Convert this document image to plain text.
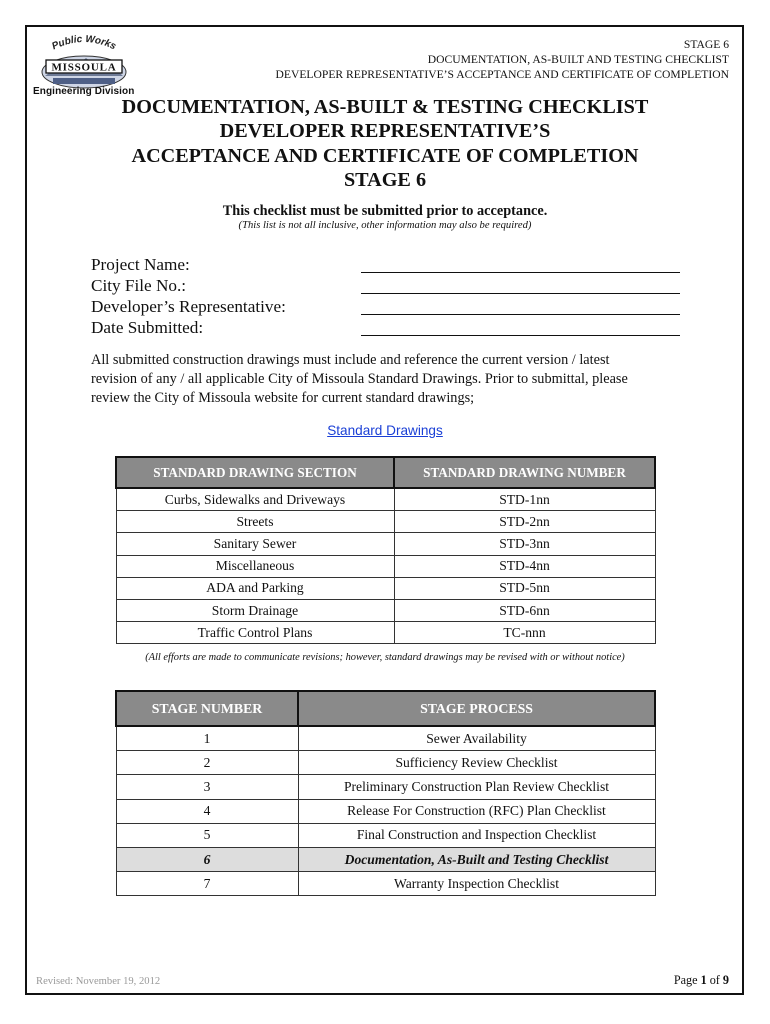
Public Works
MISSOULA
Engineering Division
STAGE 6
DOCUMENTATION, AS-BUILT AND TESTING CHECKLIST
DEVELOPER REPRESENTATIVE’S ACCEPTANCE AND CERTIFICATE OF COMPLETION
DOCUMENTATION, AS-BUILT & TESTING CHECKLIST
DEVELOPER REPRESENTATIVE’S
ACCEPTANCE AND CERTIFICATE OF COMPLETION
STAGE 6
This checklist must be submitted prior to acceptance.
(This list is not all inclusive, other information may also be required)
Project Name:
City File No.:
Developer’s Representative:
Date Submitted:
All submitted construction drawings must include and reference the current version / latest
revision of any / all applicable City of Missoula Standard Drawings. Prior to submittal, please
review the City of Missoula website for current standard drawings;
Standard Drawings
STANDARD DRAWING SECTION	STANDARD DRAWING NUMBER
Curbs, Sidewalks and Driveways	STD-1nn
Streets	STD-2nn
Sanitary Sewer	STD-3nn
Miscellaneous	STD-4nn
ADA and Parking	STD-5nn
Storm Drainage	STD-6nn
Traffic Control Plans	TC-nnn
(All efforts are made to communicate revisions; however, standard drawings may be revised with or without notice)
STAGE NUMBER	STAGE PROCESS
1	Sewer Availability
2	Sufficiency Review Checklist
3	Preliminary Construction Plan Review Checklist
4	Release For Construction (RFC) Plan Checklist
5	Final Construction and Inspection Checklist
6	Documentation, As-Built and Testing Checklist
7	Warranty Inspection Checklist
Revised: November 19, 2012	Page 1 of 9
